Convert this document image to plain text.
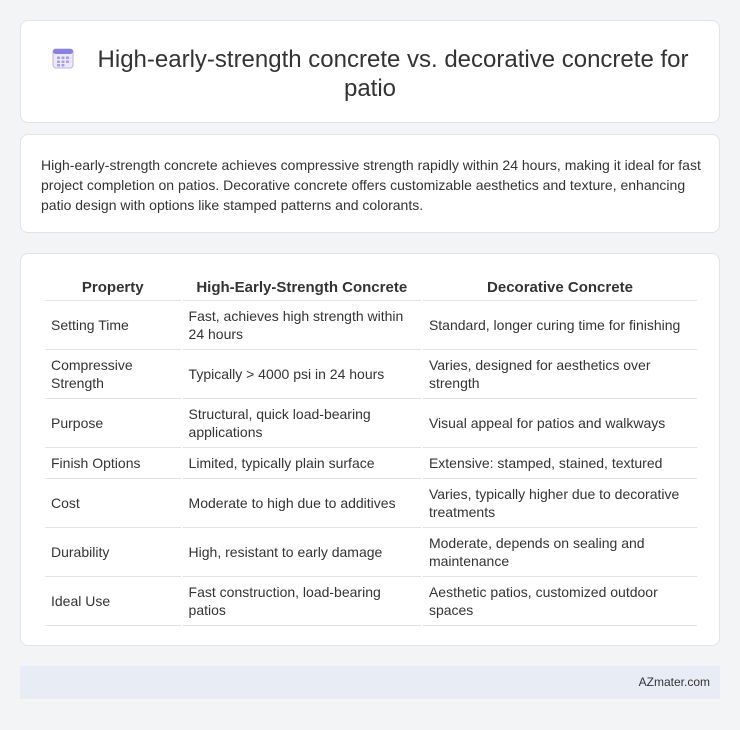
High-early-strength concrete vs. decorative concrete for patio

High-early-strength concrete achieves compressive strength rapidly within 24 hours, making it ideal for fast project completion on patios. Decorative concrete offers customizable aesthetics and texture, enhancing patio design with options like stamped patterns and colorants.

Property	High-Early-Strength Concrete	Decorative Concrete
Setting Time	Fast, achieves high strength within 24 hours	Standard, longer curing time for finishing
Compressive Strength	Typically > 4000 psi in 24 hours	Varies, designed for aesthetics over strength
Purpose	Structural, quick load-bearing applications	Visual appeal for patios and walkways
Finish Options	Limited, typically plain surface	Extensive: stamped, stained, textured
Cost	Moderate to high due to additives	Varies, typically higher due to decorative treatments
Durability	High, resistant to early damage	Moderate, depends on sealing and maintenance
Ideal Use	Fast construction, load-bearing patios	Aesthetic patios, customized outdoor spaces
AZmater.com
